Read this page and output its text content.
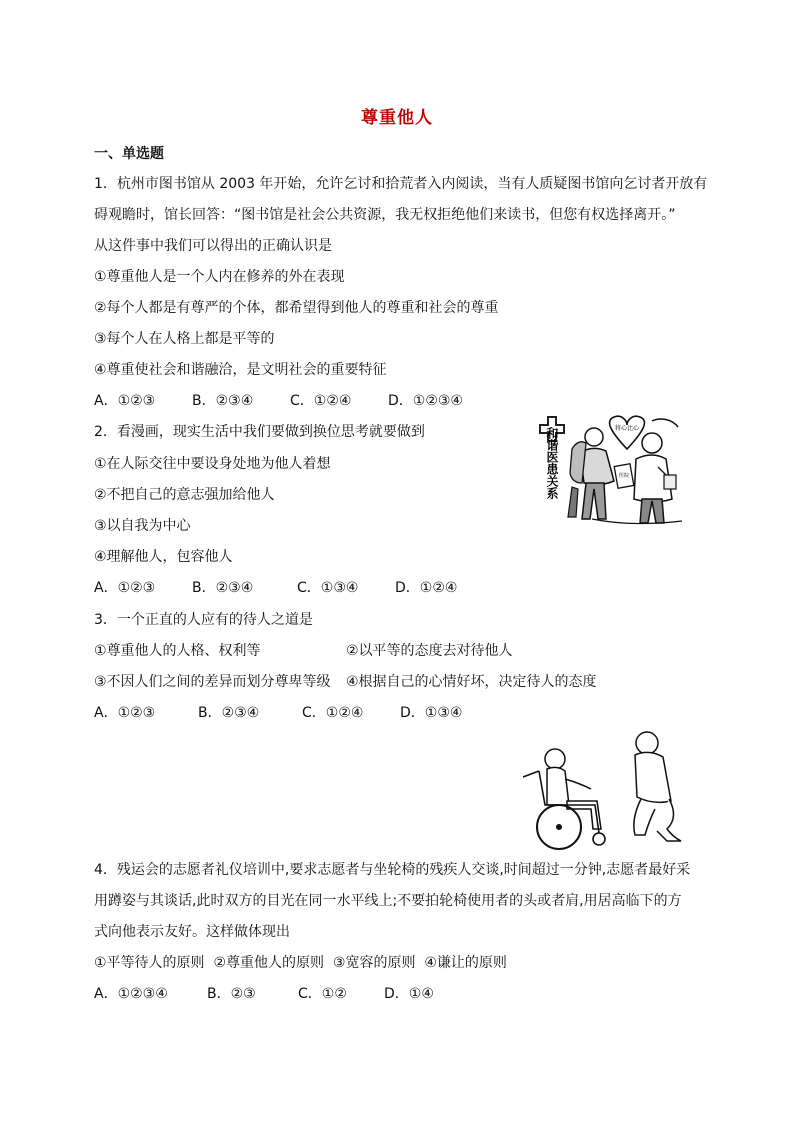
尊重他人
一、单选题
1．杭州市图书馆从 2003 年开始，允许乞讨和拾荒者入内阅读，当有人质疑图书馆向乞讨者开放有
碍观瞻时，馆长回答：“图书馆是社会公共资源，我无权拒绝他们来读书，但您有权选择离开。”
从这件事中我们可以得出的正确认识是
①尊重他人是一个人内在修养的外在表现
②每个人都是有尊严的个体，都希望得到他人的尊重和社会的尊重
③每个人在人格上都是平等的
④尊重使社会和谐融洽，是文明社会的重要特征
A．①②③	B．②③④	C．①②④	D．①②③④
2．看漫画，现实生活中我们要做到换位思考就要做到
①在人际交往中要设身处地为他人着想
②不把自己的意志强加给他人
③以自我为中心
④理解他人，包容他人
A．①②③	B．②③④	C．①③④	D．①②④
和谐医患关系	将心比心
医院
3．一个正直的人应有的待人之道是
①尊重他人的人格、权利等	②以平等的态度去对待他人
③不因人们之间的差异而划分尊卑等级 ④根据自己的心情好坏，决定待人的态度
A．①②③	B．②③④	C．①②④	D．①③④
4．残运会的志愿者礼仪培训中,要求志愿者与坐轮椅的残疾人交谈,时间超过一分钟,志愿者最好采
用蹲姿与其谈话,此时双方的目光在同一水平线上;不要拍轮椅使用者的头或者肩,用居高临下的方
式向他表示友好。这样做体现出
①平等待人的原则  ②尊重他人的原则  ③宽容的原则  ④谦让的原则
A．①②③④	B．②③	C．①②	D．①④
